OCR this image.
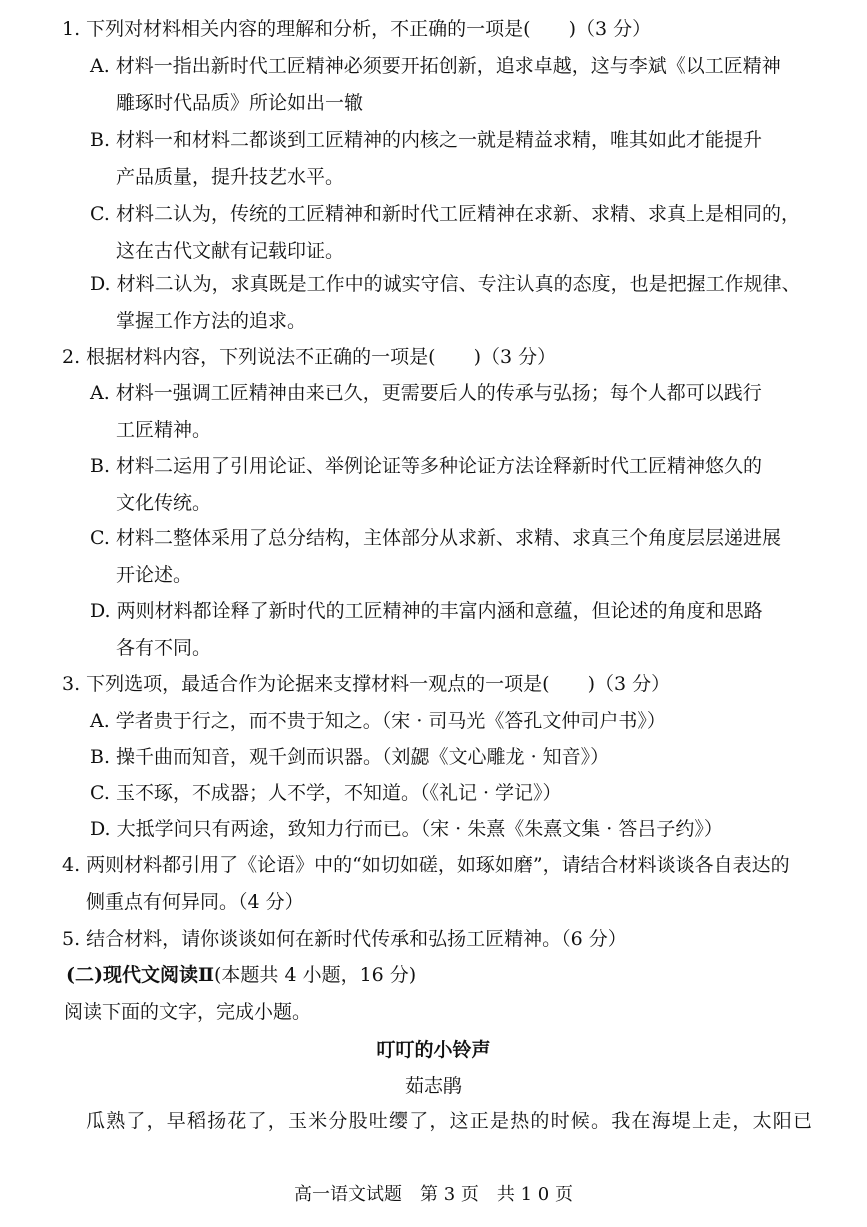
1. 下列对材料相关内容的理解和分析，不正确的一项是(　　)（3 分）

A. 材料一指出新时代工匠精神必须要开拓创新，追求卓越，这与李斌《以工匠精神
雕琢时代品质》所论如出一辙
B. 材料一和材料二都谈到工匠精神的内核之一就是精益求精，唯其如此才能提升
产品质量，提升技艺水平。
C. 材料二认为，传统的工匠精神和新时代工匠精神在求新、求精、求真上是相同的，
这在古代文献有记载印证。
D. 材料二认为，求真既是工作中的诚实守信、专注认真的态度，也是把握工作规律、
掌握工作方法的追求。

2. 根据材料内容，下列说法不正确的一项是(　　)（3 分）

A. 材料一强调工匠精神由来已久，更需要后人的传承与弘扬；每个人都可以践行
工匠精神。
B. 材料二运用了引用论证、举例论证等多种论证方法诠释新时代工匠精神悠久的
文化传统。
C. 材料二整体采用了总分结构，主体部分从求新、求精、求真三个角度层层递进展
开论述。
D. 两则材料都诠释了新时代的工匠精神的丰富内涵和意蕴，但论述的角度和思路
各有不同。

3. 下列选项，最适合作为论据来支撑材料一观点的一项是(　　)（3 分）

A. 学者贵于行之，而不贵于知之。（宋 · 司马光《答孔文仲司户书》）

B. 操千曲而知音，观千剑而识器。（刘勰《文心雕龙 · 知音》）

C. 玉不琢，不成器；人不学，不知道。（《礼记 · 学记》）

D. 大抵学问只有两途，致知力行而已。（宋 · 朱熹《朱熹文集 · 答吕子约》）

4. 两则材料都引用了《论语》中的“如切如磋，如琢如磨”，请结合材料谈谈各自表达的
侧重点有何异同。（4 分）

5. 结合材料，请你谈谈如何在新时代传承和弘扬工匠精神。（6 分）

(二)现代文阅读Ⅱ(本题共 4 小题，16 分)

阅读下面的文字，完成小题。

叮叮的小铃声

茹志鹃

瓜熟了，早稻扬花了，玉米分股吐缨了，这正是热的时候。我在海堤上走，太阳已

高一语文试题　第 3 页　共 1 0 页
